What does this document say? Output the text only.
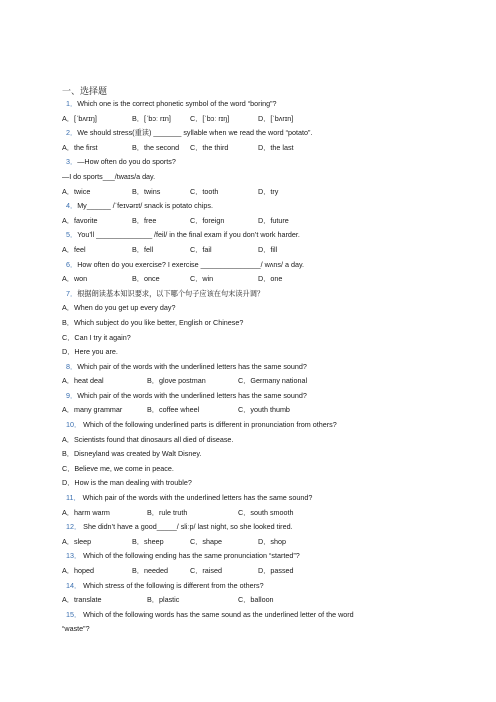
一、选择题
1．Which one is the correct phonetic symbol of the word “boring”?
A．[ˈbʌrɪŋ]	B．[ˈbɔː rɪn]	C．[ˈbɔː rɪŋ]	D．[ˈbʌrɪn]
2．We should stress(重读) _______ syllable when we read the word “potato”.
A．the first	B．the second C．the third	D．the last
3．—How often do you do sports?
—I do sports___/twaɪs/a day.
A．twice	B．twins	C．tooth	D．try
4．My______ /ˈfeɪvərɪt/ snack is potato chips.
A．favorite	B．free	C．foreign	D．future
5．You’ll ______________ /feil/ in the final exam if you don’t work harder.
A．feel	B．fell	C．fail	D．fill
6．How often do you exercise? I exercise _______________/ wʌns/ a day.
A．won	B．once	C．win	D．one
7．根据朗读基本知识要求，以下哪个句子应该在句末读升调？
A．When do you get up every day?
B．Which subject do you like better, English or Chinese?
C．Can I try it again?
D．Here you are.
8．Which pair of the words with the underlined letters has the same sound?
A．heat deal	B．glove postman	C．Germany national
9．Which pair of the words with the underlined letters has the same sound?
A．many grammar	B．coffee wheel	C．youth thumb
10． Which of the following underlined parts is different in pronunciation from others?
A．Scientists found that dinosaurs all died of disease.
B．Disneyland was created by Walt Disney.
C．Believe me, we come in peace.
D．How is the man dealing with trouble?
11． Which pair of the words with the underlined letters has the same sound?
A．harm warm	B．rule truth	C．south smooth
12． She didn’t have a good_____/ sliːp/ last night, so she looked tired.
A．sleep	B．sheep	C．shape	D．shop
13． Which of the following ending has the same pronunciation “started”?
A．hoped	B．needed	C．raised	D．passed
14． Which stress of the following is different from the others?
A．translate	B．plastic	C．balloon
15． Which of the following words has the same sound as the underlined letter of the word
“waste”?
